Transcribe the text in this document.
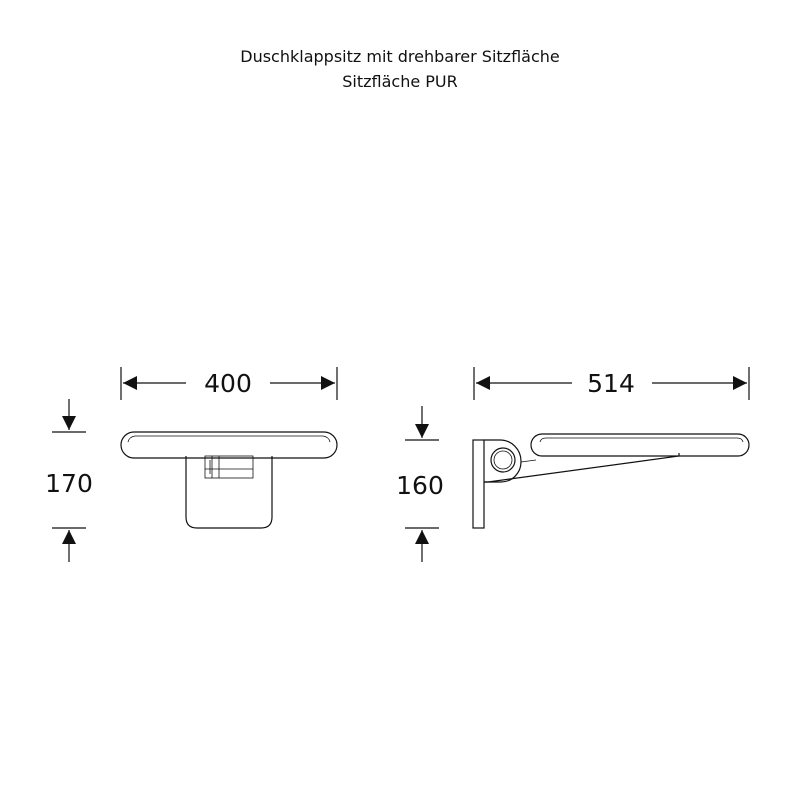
Duschklappsitz mit drehbarer Sitzfläche
Sitzfläche PUR
400
170
514
160
